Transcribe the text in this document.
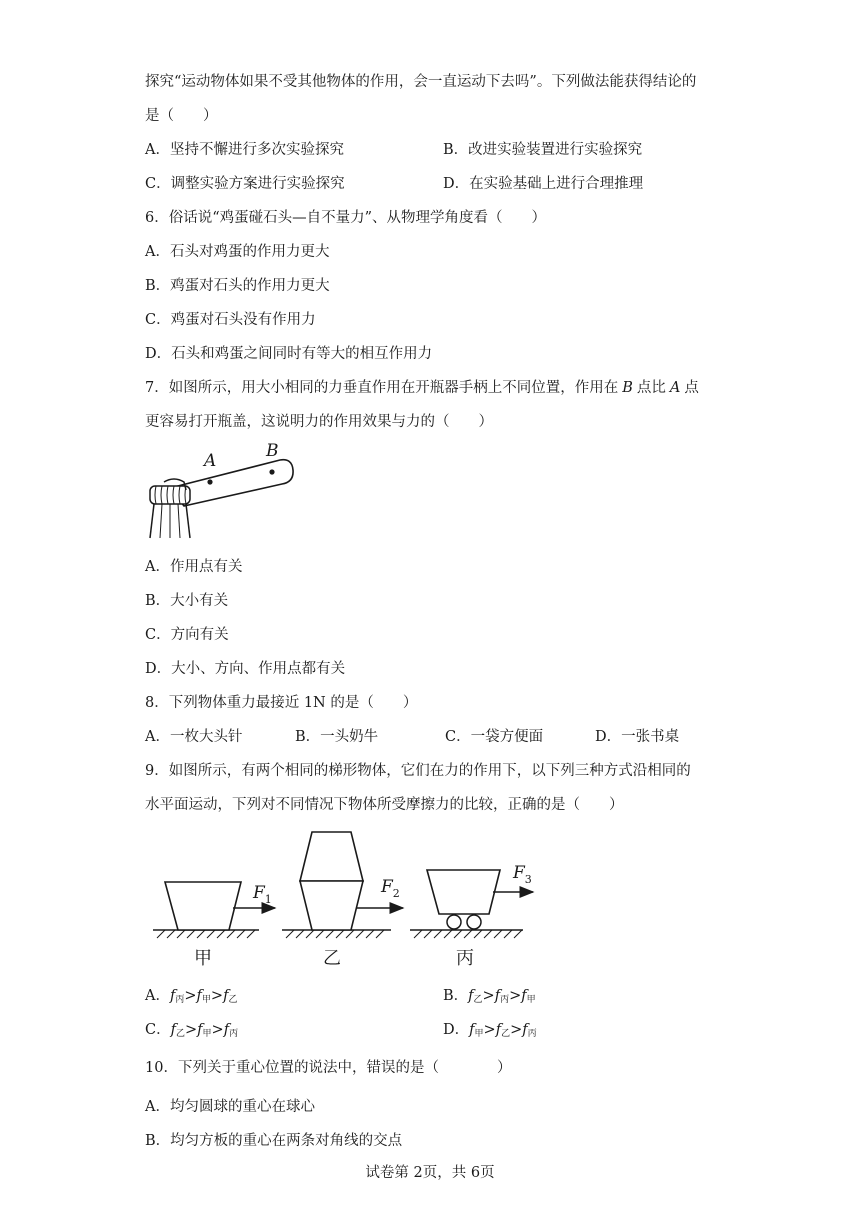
探究“运动物体如果不受其他物体的作用，会一直运动下去吗”。下列做法能获得结论的
是（　　）
A．坚持不懈进行多次实验探究	B．改进实验装置进行实验探究
C．调整实验方案进行实验探究	D．在实验基础上进行合理推理
6．俗话说“鸡蛋碰石头—自不量力”、从物理学角度看（　　）
A．石头对鸡蛋的作用力更大
B．鸡蛋对石头的作用力更大
C．鸡蛋对石头没有作用力
D．石头和鸡蛋之间同时有等大的相互作用力
7．如图所示，用大小相同的力垂直作用在开瓶器手柄上不同位置，作用在 B 点比 A 点
更容易打开瓶盖，这说明力的作用效果与力的（　　）
A	B
A．作用点有关
B．大小有关
C．方向有关
D．大小、方向、作用点都有关
8．下列物体重力最接近 1N 的是（　　）
A．一枚大头针	B．一头奶牛	C．一袋方便面	D．一张书桌
9．如图所示，有两个相同的梯形物体，它们在力的作用下，以下列三种方式沿相同的
水平面运动，下列对不同情况下物体所受摩擦力的比较，正确的是（　　）
$F_1$
甲
$F_2$
乙
$F_3$
丙
A．$f_丙>f_甲>f_乙$	B．$f_乙>f_丙>f_甲$
C．$f_乙>f_甲>f_丙$	D．$f_甲>f_乙>f_丙$
10．下列关于重心位置的说法中，错误的是（　　　　）
A．均匀圆球的重心在球心
B．均匀方板的重心在两条对角线的交点
试卷第 2页，共 6页
